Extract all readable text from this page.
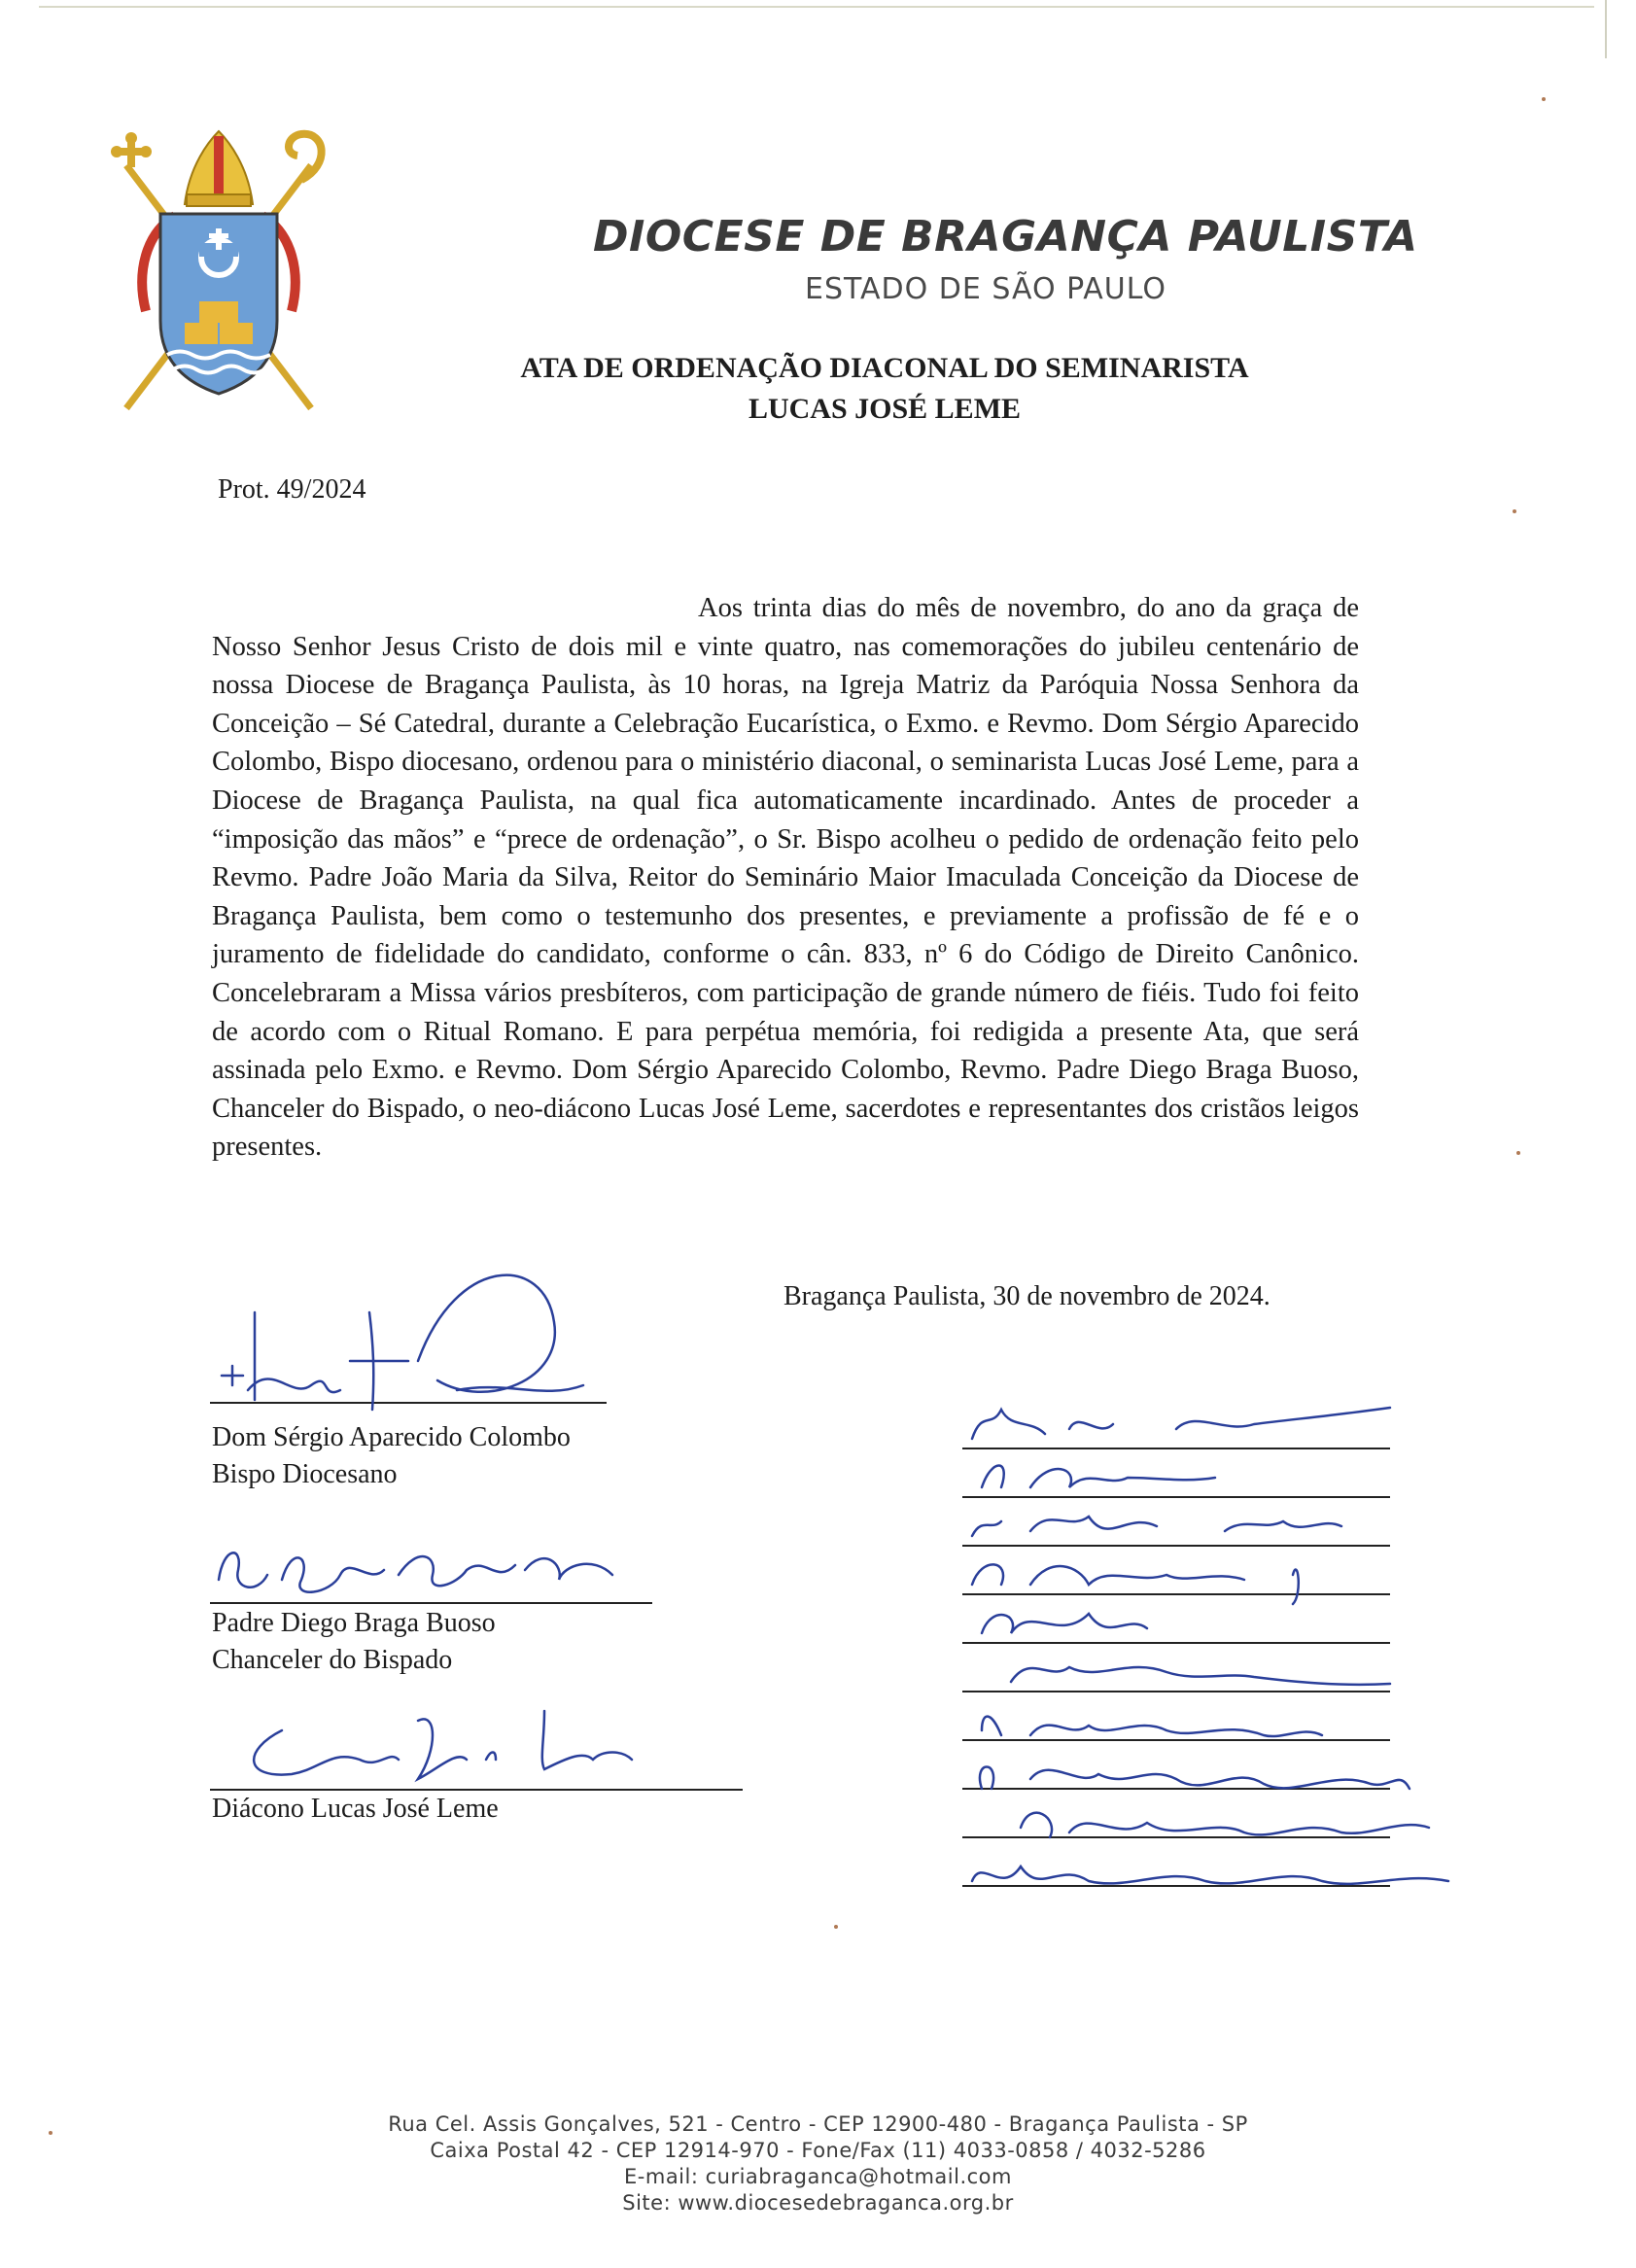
DIOCESE DE BRAGANÇA PAULISTA
ESTADO DE SÃO PAULO
ATA DE ORDENAÇÃO DIACONAL DO SEMINARISTA
LUCAS JOSÉ LEME
Prot. 49/2024

Aos trinta dias do mês de novembro, do ano da graça de Nosso Senhor Jesus Cristo de dois mil e vinte quatro, nas comemorações do jubileu centenário de nossa Diocese de Bragança Paulista, às 10 horas, na Igreja Matriz da Paróquia Nossa Senhora da Conceição – Sé Catedral, durante a Celebração Eucarística, o Exmo. e Revmo. Dom Sérgio Aparecido Colombo, Bispo diocesano, ordenou para o ministério diaconal, o seminarista Lucas José Leme, para a Diocese de Bragança Paulista, na qual fica automaticamente incardinado. Antes de proceder a “imposição das mãos” e “prece de ordenação”, o Sr. Bispo acolheu o pedido de ordenação feito pelo Revmo. Padre João Maria da Silva, Reitor do Seminário Maior Imaculada Conceição da Diocese de Bragança Paulista, bem como o testemunho dos presentes, e previamente a profissão de fé e o juramento de fidelidade do candidato, conforme o cân. 833, nº 6 do Código de Direito Canônico. Concelebraram a Missa vários presbíteros, com participação de grande número de fiéis. Tudo foi feito de acordo com o Ritual Romano. E para perpétua memória, foi redigida a presente Ata, que será assinada pelo Exmo. e Revmo. Dom Sérgio Aparecido Colombo, Revmo. Padre Diego Braga Buoso, Chanceler do Bispado, o neo-diácono Lucas José Leme, sacerdotes e representantes dos cristãos leigos presentes.

Bragança Paulista, 30 de novembro de 2024.
Dom Sérgio Aparecido Colombo
Bispo Diocesano
Padre Diego Braga Buoso
Chanceler do Bispado
Diácono Lucas José Leme
Rua Cel. Assis Gonçalves, 521 - Centro - CEP 12900-480 - Bragança Paulista - SP
Caixa Postal 42 - CEP 12914-970 - Fone/Fax (11) 4033-0858 / 4032-5286
E-mail: curiabraganca@hotmail.com
Site: www.diocesedebraganca.org.br
